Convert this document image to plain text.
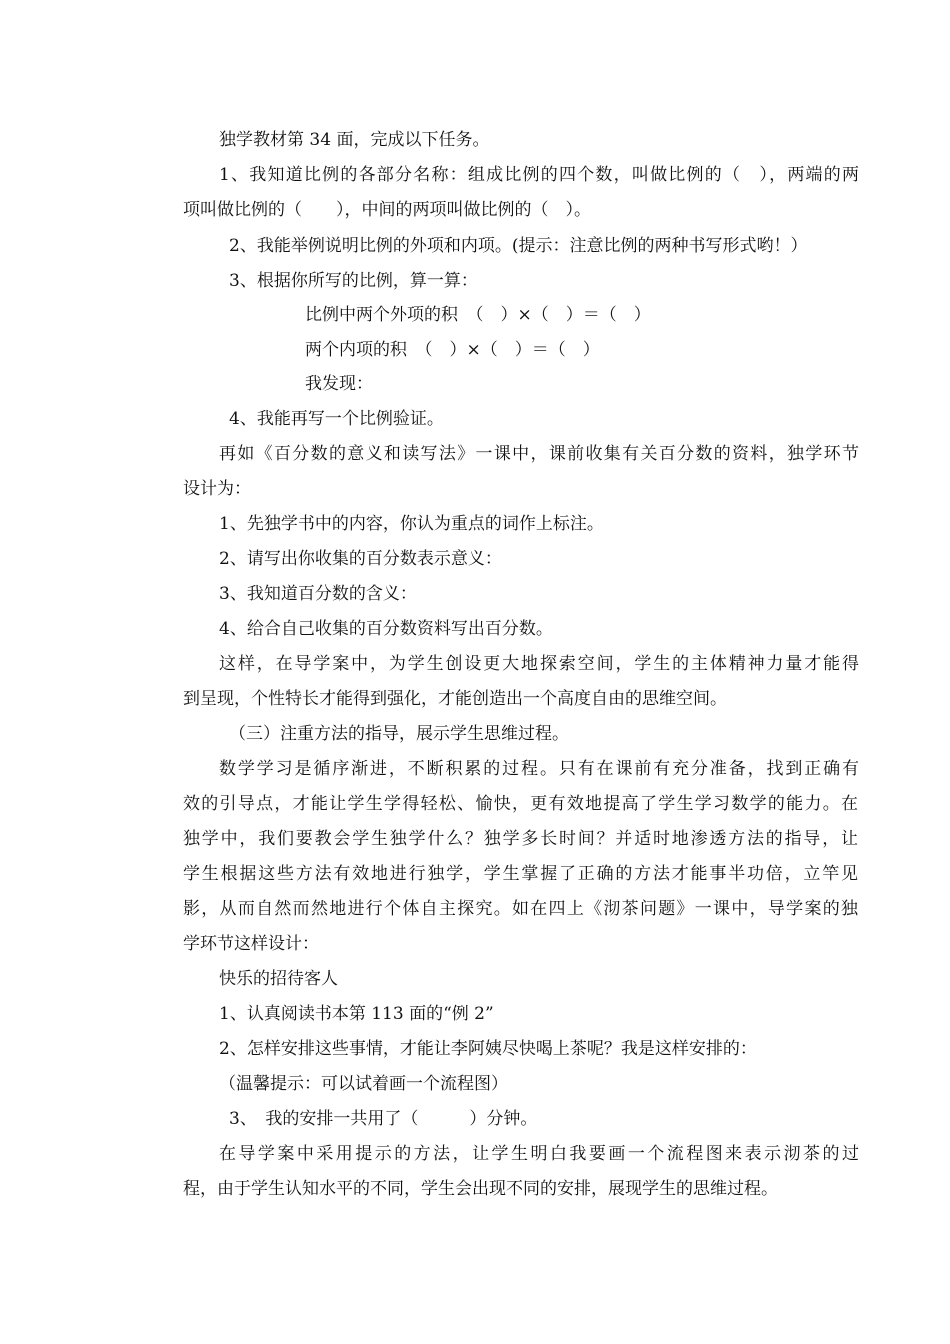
独学教材第 34 面，完成以下任务。
1、我知道比例的各部分名称：组成比例的四个数，叫做比例的（　），两端的两
项叫做比例的（　　），中间的两项叫做比例的（　）。
2、我能举例说明比例的外项和内项。(提示：注意比例的两种书写形式哟！）
3、根据你所写的比例，算一算：
比例中两个外项的积　（　）×（　）＝（　）
两个内项的积　（　）×（　）＝（　）
我发现：
4、我能再写一个比例验证。
再如《百分数的意义和读写法》一课中，课前收集有关百分数的资料，独学环节
设计为：
1、先独学书中的内容，你认为重点的词作上标注。
2、请写出你收集的百分数表示意义：
3、我知道百分数的含义：
4、给合自己收集的百分数资料写出百分数。
这样，在导学案中，为学生创设更大地探索空间，学生的主体精神力量才能得
到呈现，个性特长才能得到强化，才能创造出一个高度自由的思维空间。
（三）注重方法的指导，展示学生思维过程。
数学学习是循序渐进，不断积累的过程。只有在课前有充分准备，找到正确有
效的引导点，才能让学生学得轻松、愉快，更有效地提高了学生学习数学的能力。在
独学中，我们要教会学生独学什么？独学多长时间？并适时地渗透方法的指导，让
学生根据这些方法有效地进行独学，学生掌握了正确的方法才能事半功倍，立竿见
影，从而自然而然地进行个体自主探究。如在四上《沏茶问题》一课中，导学案的独
学环节这样设计：
快乐的招待客人
1、认真阅读书本第 113 面的“例 2”
2、怎样安排这些事情，才能让李阿姨尽快喝上茶呢？我是这样安排的：
（温馨提示：可以试着画一个流程图）
3、　我的安排一共用了（　　　）分钟。
在导学案中采用提示的方法，让学生明白我要画一个流程图来表示沏茶的过
程，由于学生认知水平的不同，学生会出现不同的安排，展现学生的思维过程。
